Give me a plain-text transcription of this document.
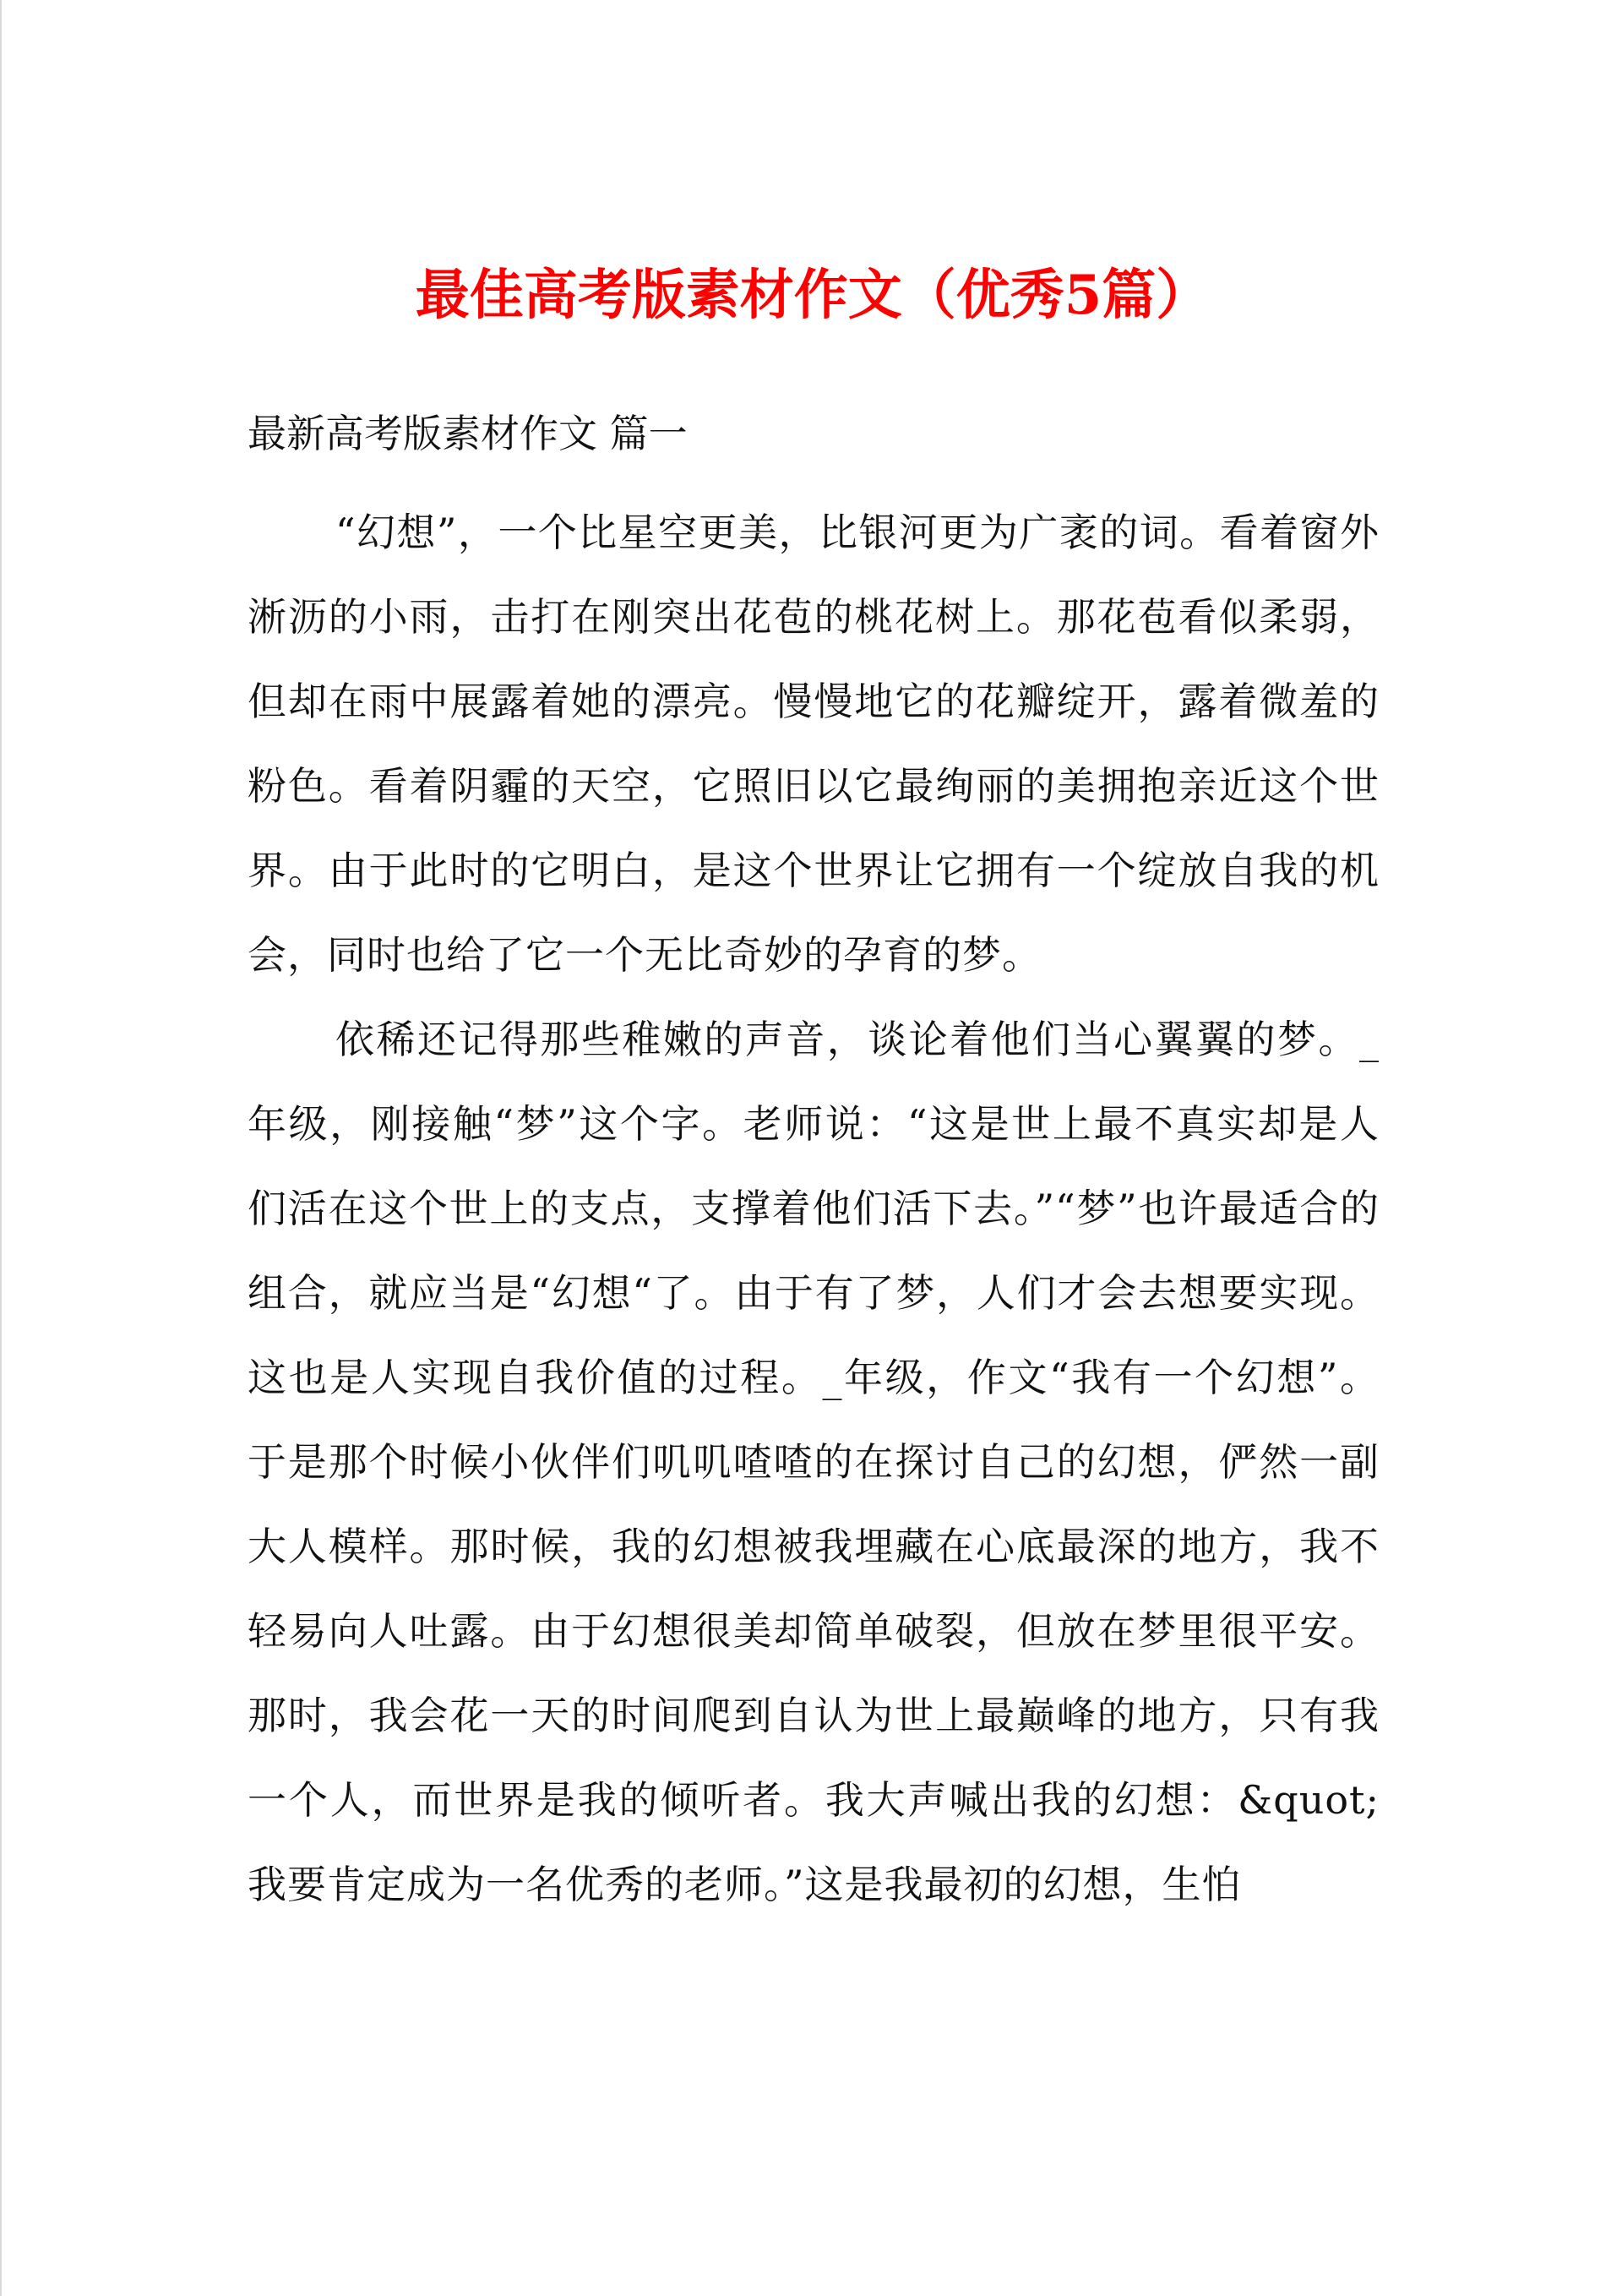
最佳高考版素材作文（优秀5篇）
最新高考版素材作文 篇一

“幻想”，一个比星空更美，比银河更为广袤的词。看着窗外淅沥的小雨，击打在刚突出花苞的桃花树上。那花苞看似柔弱，但却在雨中展露着她的漂亮。慢慢地它的花瓣绽开，露着微羞的粉色。看着阴霾的天空，它照旧以它最绚丽的美拥抱亲近这个世界。由于此时的它明白，是这个世界让它拥有一个绽放自我的机会，同时也给了它一个无比奇妙的孕育的梦。

依稀还记得那些稚嫩的声音，谈论着他们当心翼翼的梦。_年级，刚接触“梦”这个字。老师说：“这是世上最不真实却是人们活在这个世上的支点，支撑着他们活下去。”“梦”也许最适合的组合，就应当是“幻想“了。由于有了梦，人们才会去想要实现。这也是人实现自我价值的过程。_年级，作文“我有一个幻想”。于是那个时候小伙伴们叽叽喳喳的在探讨自己的幻想，俨然一副大人模样。那时候，我的幻想被我埋藏在心底最深的地方，我不轻易向人吐露。由于幻想很美却简单破裂，但放在梦里很平安。那时，我会花一天的时间爬到自认为世上最巅峰的地方，只有我一个人，而世界是我的倾听者。我大声喊出我的幻想：&quot;我要肯定成为一名优秀的老师。”这是我最初的幻想，生怕
